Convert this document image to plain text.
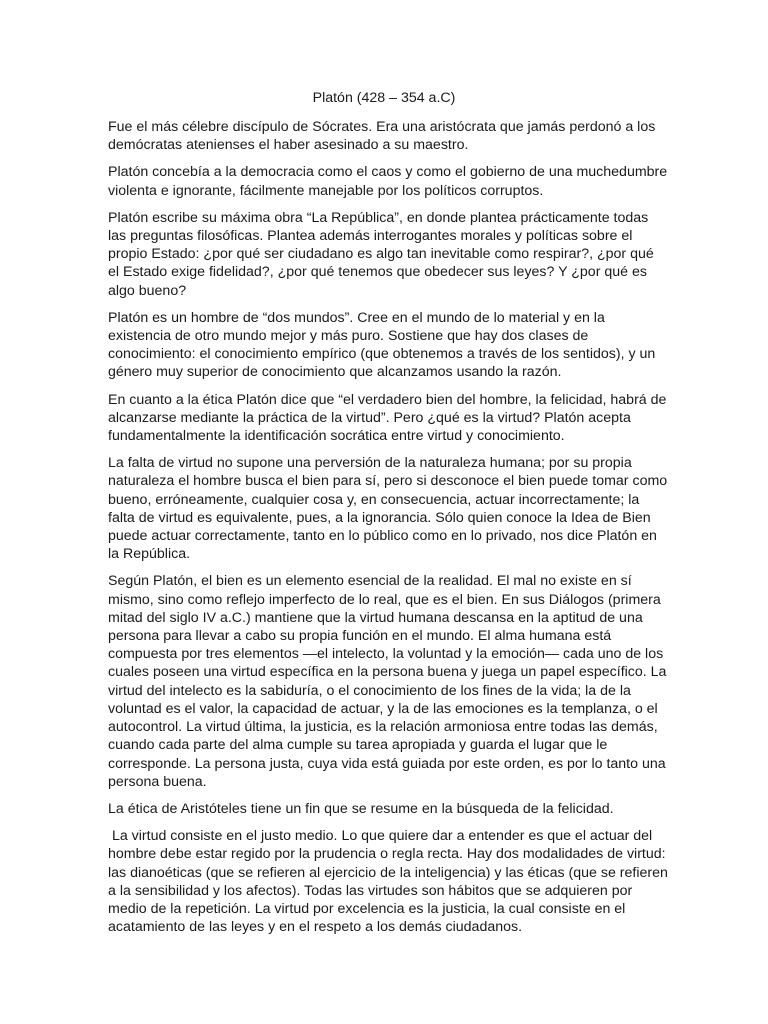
Platón (428 – 354 a.C)

Fue el más célebre discípulo de Sócrates. Era una aristócrata que jamás perdonó a los demócratas atenienses el haber asesinado a su maestro.

Platón concebía a la democracia como el caos y como el gobierno de una muchedumbre violenta e ignorante, fácilmente manejable por los políticos corruptos.

Platón escribe su máxima obra “La República”, en donde plantea prácticamente todas las preguntas filosóficas. Plantea además interrogantes morales y políticas sobre el propio Estado: ¿por qué ser ciudadano es algo tan inevitable como respirar?, ¿por qué el Estado exige fidelidad?, ¿por qué tenemos que obedecer sus leyes? Y ¿por qué es algo bueno?

Platón es un hombre de “dos mundos”. Cree en el mundo de lo material y en la existencia de otro mundo mejor y más puro. Sostiene que hay dos clases de conocimiento: el conocimiento empírico (que obtenemos a través de los sentidos), y un género muy superior de conocimiento que alcanzamos usando la razón.

En cuanto a la ética Platón dice que “el verdadero bien del hombre, la felicidad, habrá de alcanzarse mediante la práctica de la virtud”. Pero ¿qué es la virtud? Platón acepta fundamentalmente la identificación socrática entre virtud y conocimiento.

La falta de virtud no supone una perversión de la naturaleza humana; por su propia naturaleza el hombre busca el bien para sí, pero si desconoce el bien puede tomar como bueno, erróneamente, cualquier cosa y, en consecuencia, actuar incorrectamente; la falta de virtud es equivalente, pues, a la ignorancia. Sólo quien conoce la Idea de Bien puede actuar correctamente, tanto en lo público como en lo privado, nos dice Platón en la República.

Según Platón, el bien es un elemento esencial de la realidad. El mal no existe en sí mismo, sino como reflejo imperfecto de lo real, que es el bien. En sus Diálogos (primera mitad del siglo IV a.C.) mantiene que la virtud humana descansa en la aptitud de una persona para llevar a cabo su propia función en el mundo. El alma humana está compuesta por tres elementos —el intelecto, la voluntad y la emoción— cada uno de los cuales poseen una virtud específica en la persona buena y juega un papel específico. La virtud del intelecto es la sabiduría, o el conocimiento de los fines de la vida; la de la voluntad es el valor, la capacidad de actuar, y la de las emociones es la templanza, o el autocontrol. La virtud última, la justicia, es la relación armoniosa entre todas las demás, cuando cada parte del alma cumple su tarea apropiada y guarda el lugar que le corresponde. La persona justa, cuya vida está guiada por este orden, es por lo tanto una persona buena.

La ética de Aristóteles tiene un fin que se resume en la búsqueda de la felicidad.

La virtud consiste en el justo medio. Lo que quiere dar a entender es que el actuar del hombre debe estar regido por la prudencia o regla recta. Hay dos modalidades de virtud: las dianoéticas (que se refieren al ejercicio de la inteligencia) y las éticas (que se refieren a la sensibilidad y los afectos). Todas las virtudes son hábitos que se adquieren por medio de la repetición. La virtud por excelencia es la justicia, la cual consiste en el acatamiento de las leyes y en el respeto a los demás ciudadanos.
